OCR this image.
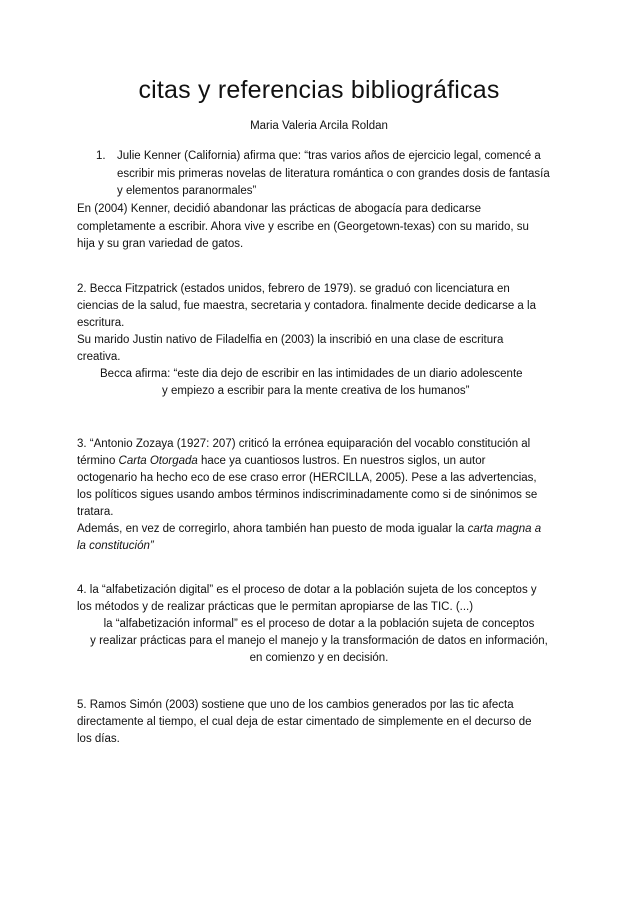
citas y referencias bibliográficas
Maria Valeria Arcila Roldan
1. Julie Kenner (California) afirma que: “tras varios años de ejercicio legal, comencé a
escribir mis primeras novelas de literatura romántica o con grandes dosis de fantasía
y elementos paranormales”
En (2004) Kenner, decidió abandonar las prácticas de abogacía para dedicarse
completamente a escribir. Ahora vive y escribe en (Georgetown-texas) con su marido, su
hija y su gran variedad de gatos.
2. Becca Fitzpatrick (estados unidos, febrero de 1979). se graduó con licenciatura en
ciencias de la salud, fue maestra, secretaria y contadora. finalmente decide dedicarse a la
escritura.
Su marido Justin nativo de Filadelfia en (2003) la inscribió en una clase de escritura
creativa.
Becca afirma: “este dia dejo de escribir en las intimidades de un diario adolescente
y empiezo a escribir para la mente creativa de los humanos”
3. “Antonio Zozaya (1927: 207) criticó la errónea equiparación del vocablo constitución al
término Carta Otorgada hace ya cuantiosos lustros. En nuestros siglos, un autor
octogenario ha hecho eco de ese craso error (HERCILLA, 2005). Pese a las advertencias,
los políticos sigues usando ambos términos indiscriminadamente como si de sinónimos se
tratara.
Además, en vez de corregirlo, ahora también han puesto de moda igualar la carta magna a
la constitución”
4. la “alfabetización digital” es el proceso de dotar a la población sujeta de los conceptos y
los métodos y de realizar prácticas que le permitan apropiarse de las TIC. (...)
la “alfabetización informal” es el proceso de dotar a la población sujeta de conceptos
y realizar prácticas para el manejo el manejo y la transformación de datos en información,
en comienzo y en decisión.
5. Ramos Simón (2003) sostiene que uno de los cambios generados por las tic afecta
directamente al tiempo, el cual deja de estar cimentado de simplemente en el decurso de
los días.
